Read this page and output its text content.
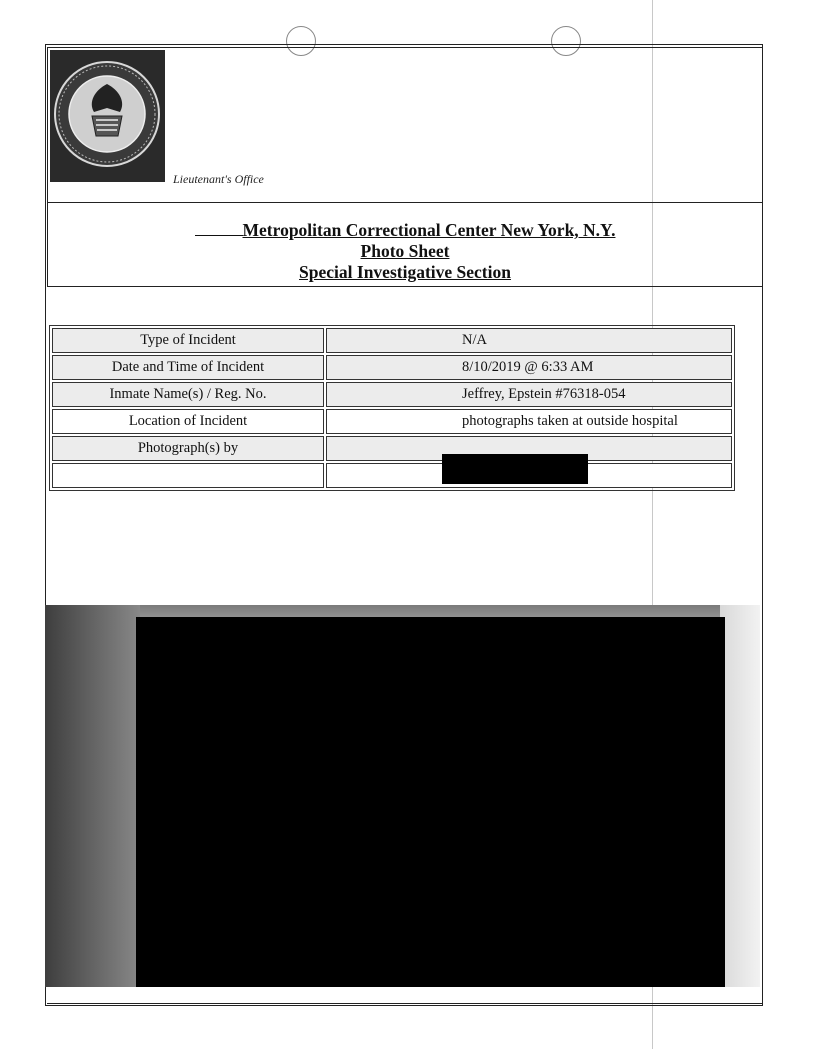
Lieutenant's Office
Metropolitan Correctional Center New York, N.Y.
Photo Sheet
Special Investigative Section
Type of Incident	N/A
Date and Time of Incident	8/10/2019 @ 6:33 AM
Inmate Name(s) / Reg. No.	Jeffrey, Epstein #76318-054
Location of Incident	photographs taken at outside hospital
Photograph(s) by	
